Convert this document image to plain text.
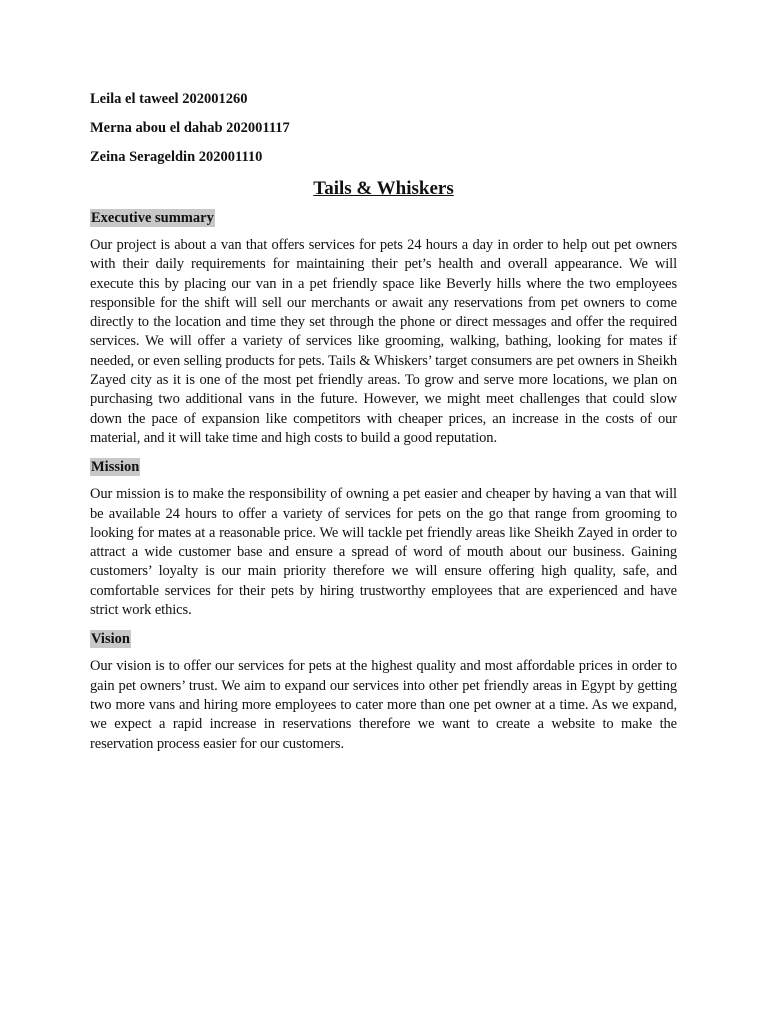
Leila el taweel 202001260
Merna abou el dahab 202001117
Zeina Serageldin 202001110
Tails & Whiskers
Executive summary

Our project is about a van that offers services for pets 24 hours a day in order to help out pet owners with their daily requirements for maintaining their pet’s health and overall appearance. We will execute this by placing our van in a pet friendly space like Beverly hills where the two employees responsible for the shift will sell our merchants or await any reservations from pet owners to come directly to the location and time they set through the phone or direct messages and offer the required services. We will offer a variety of services like grooming, walking, bathing, looking for mates if needed, or even selling products for pets. Tails & Whiskers’ target consumers are pet owners in Sheikh Zayed city as it is one of the most pet friendly areas. To grow and serve more locations, we plan on purchasing two additional vans in the future. However, we might meet challenges that could slow down the pace of expansion like competitors with cheaper prices, an increase in the costs of our material, and it will take time and high costs to build a good reputation.

Mission

Our mission is to make the responsibility of owning a pet easier and cheaper by having a van that will be available 24 hours to offer a variety of services for pets on the go that range from grooming to looking for mates at a reasonable price. We will tackle pet friendly areas like Sheikh Zayed in order to attract a wide customer base and ensure a spread of word of mouth about our business. Gaining customers’ loyalty is our main priority therefore we will ensure offering high quality, safe, and comfortable services for their pets by hiring trustworthy employees that are experienced and have strict work ethics.

Vision

Our vision is to offer our services for pets at the highest quality and most affordable prices in order to gain pet owners’ trust. We aim to expand our services into other pet friendly areas in Egypt by getting two more vans and hiring more employees to cater more than one pet owner at a time. As we expand, we expect a rapid increase in reservations therefore we want to create a website to make the reservation process easier for our customers.
